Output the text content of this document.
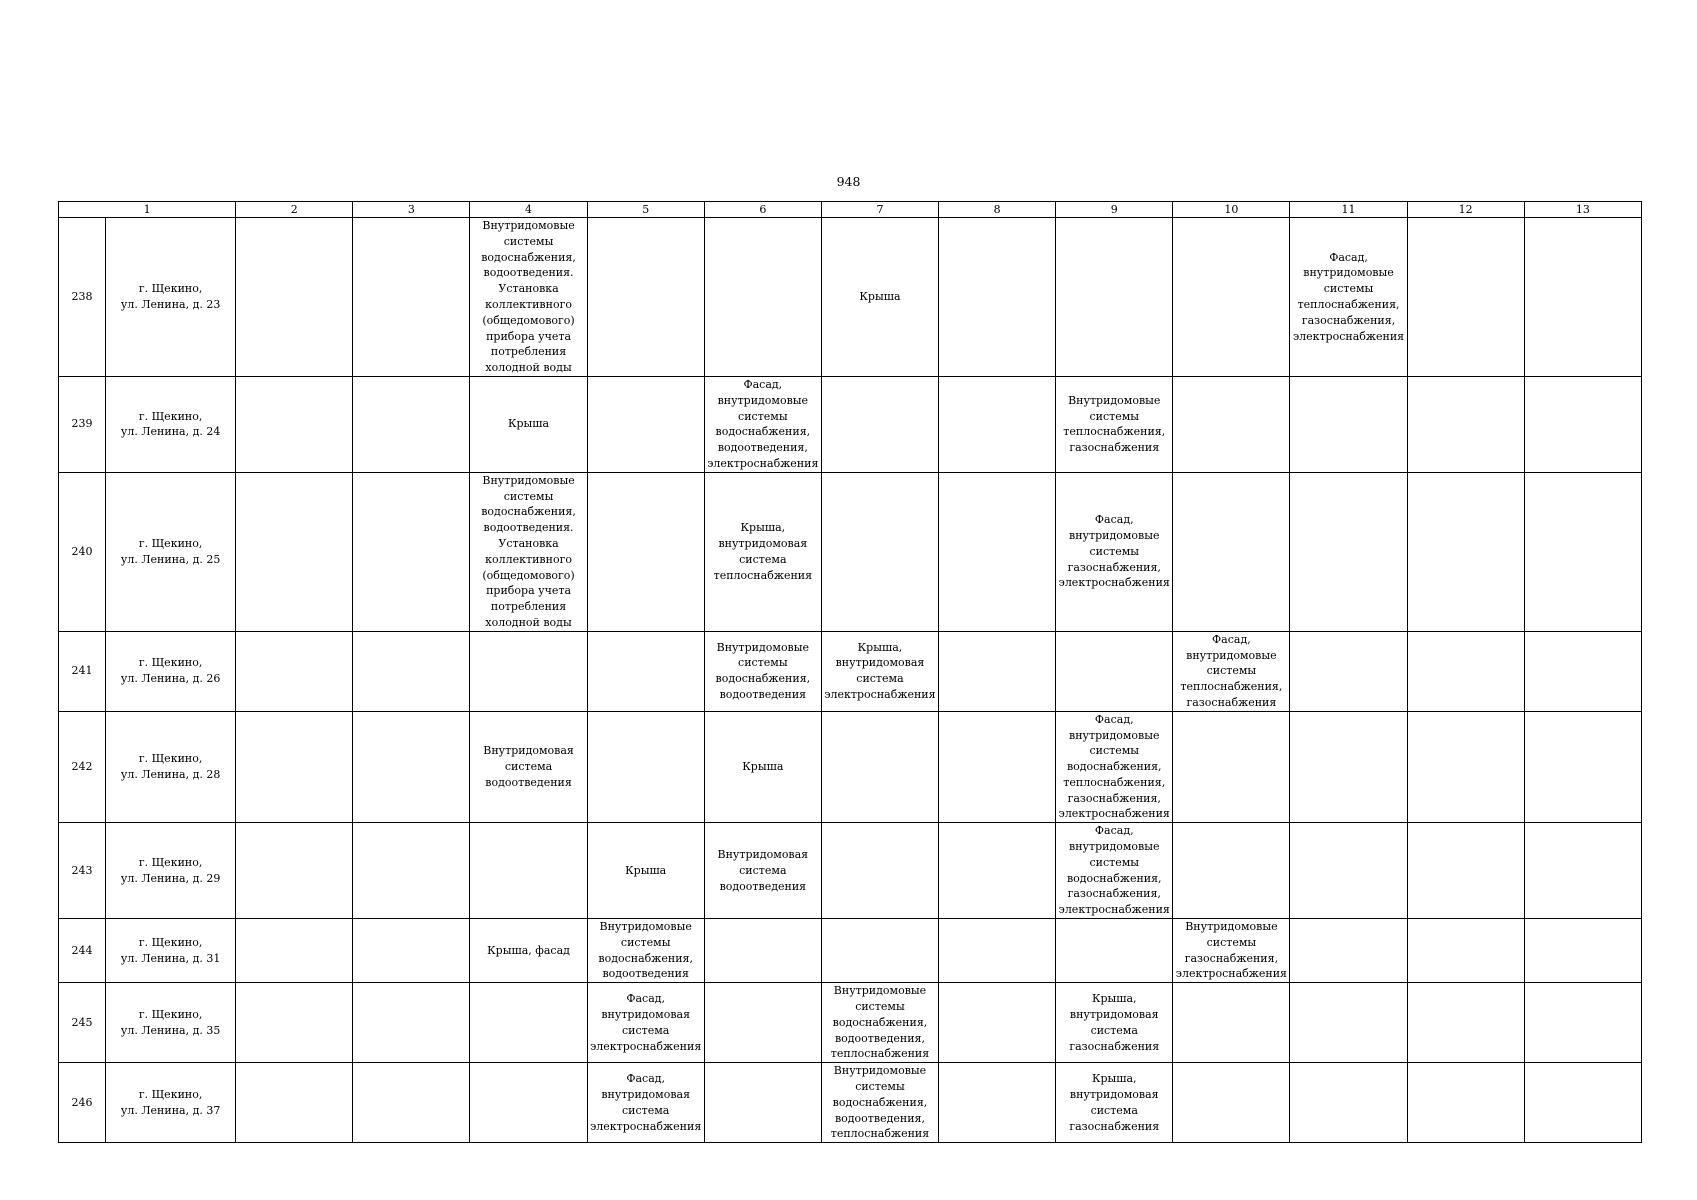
948
1		2	3	4	5	6	7	8	9	10	11	12	13
238	г. Щекино,
ул. Ленина, д. 23			Внутридомовые системы водоснабжения, водоотведения. Установка коллективного (общедомового) прибора учета потребления холодной воды			Крыша				Фасад, внутридомовые системы теплоснабжения, газоснабжения, электроснабжения		
239	г. Щекино,
ул. Ленина, д. 24			Крыша		Фасад, внутридомовые системы водоснабжения, водоотведения, электроснабжения			Внутридомовые системы теплоснабжения, газоснабжения				
240	г. Щекино,
ул. Ленина, д. 25			Внутридомовые системы водоснабжения, водоотведения. Установка коллективного (общедомового) прибора учета потребления холодной воды		Крыша, внутридомовая система теплоснабжения			Фасад, внутридомовые системы газоснабжения, электроснабжения				
241	г. Щекино,
ул. Ленина, д. 26					Внутридомовые системы водоснабжения, водоотведения	Крыша, внутридомовая система электроснабжения			Фасад, внутридомовые системы теплоснабжения, газоснабжения			
242	г. Щекино,
ул. Ленина, д. 28			Внутридомовая система водоотведения		Крыша			Фасад, внутридомовые системы водоснабжения, теплоснабжения, газоснабжения, электроснабжения				
243	г. Щекино,
ул. Ленина, д. 29				Крыша	Внутридомовая система водоотведения			Фасад, внутридомовые системы водоснабжения, газоснабжения, электроснабжения				
244	г. Щекино,
ул. Ленина, д. 31			Крыша, фасад	Внутридомовые системы водоснабжения, водоотведения					Внутридомовые системы газоснабжения, электроснабжения			
245	г. Щекино,
ул. Ленина, д. 35				Фасад, внутридомовая система электроснабжения		Внутридомовые системы водоснабжения, водоотведения, теплоснабжения		Крыша, внутридомовая система газоснабжения				
246	г. Щекино,
ул. Ленина, д. 37				Фасад, внутридомовая система электроснабжения		Внутридомовые системы водоснабжения, водоотведения, теплоснабжения		Крыша, внутридомовая система газоснабжения				
